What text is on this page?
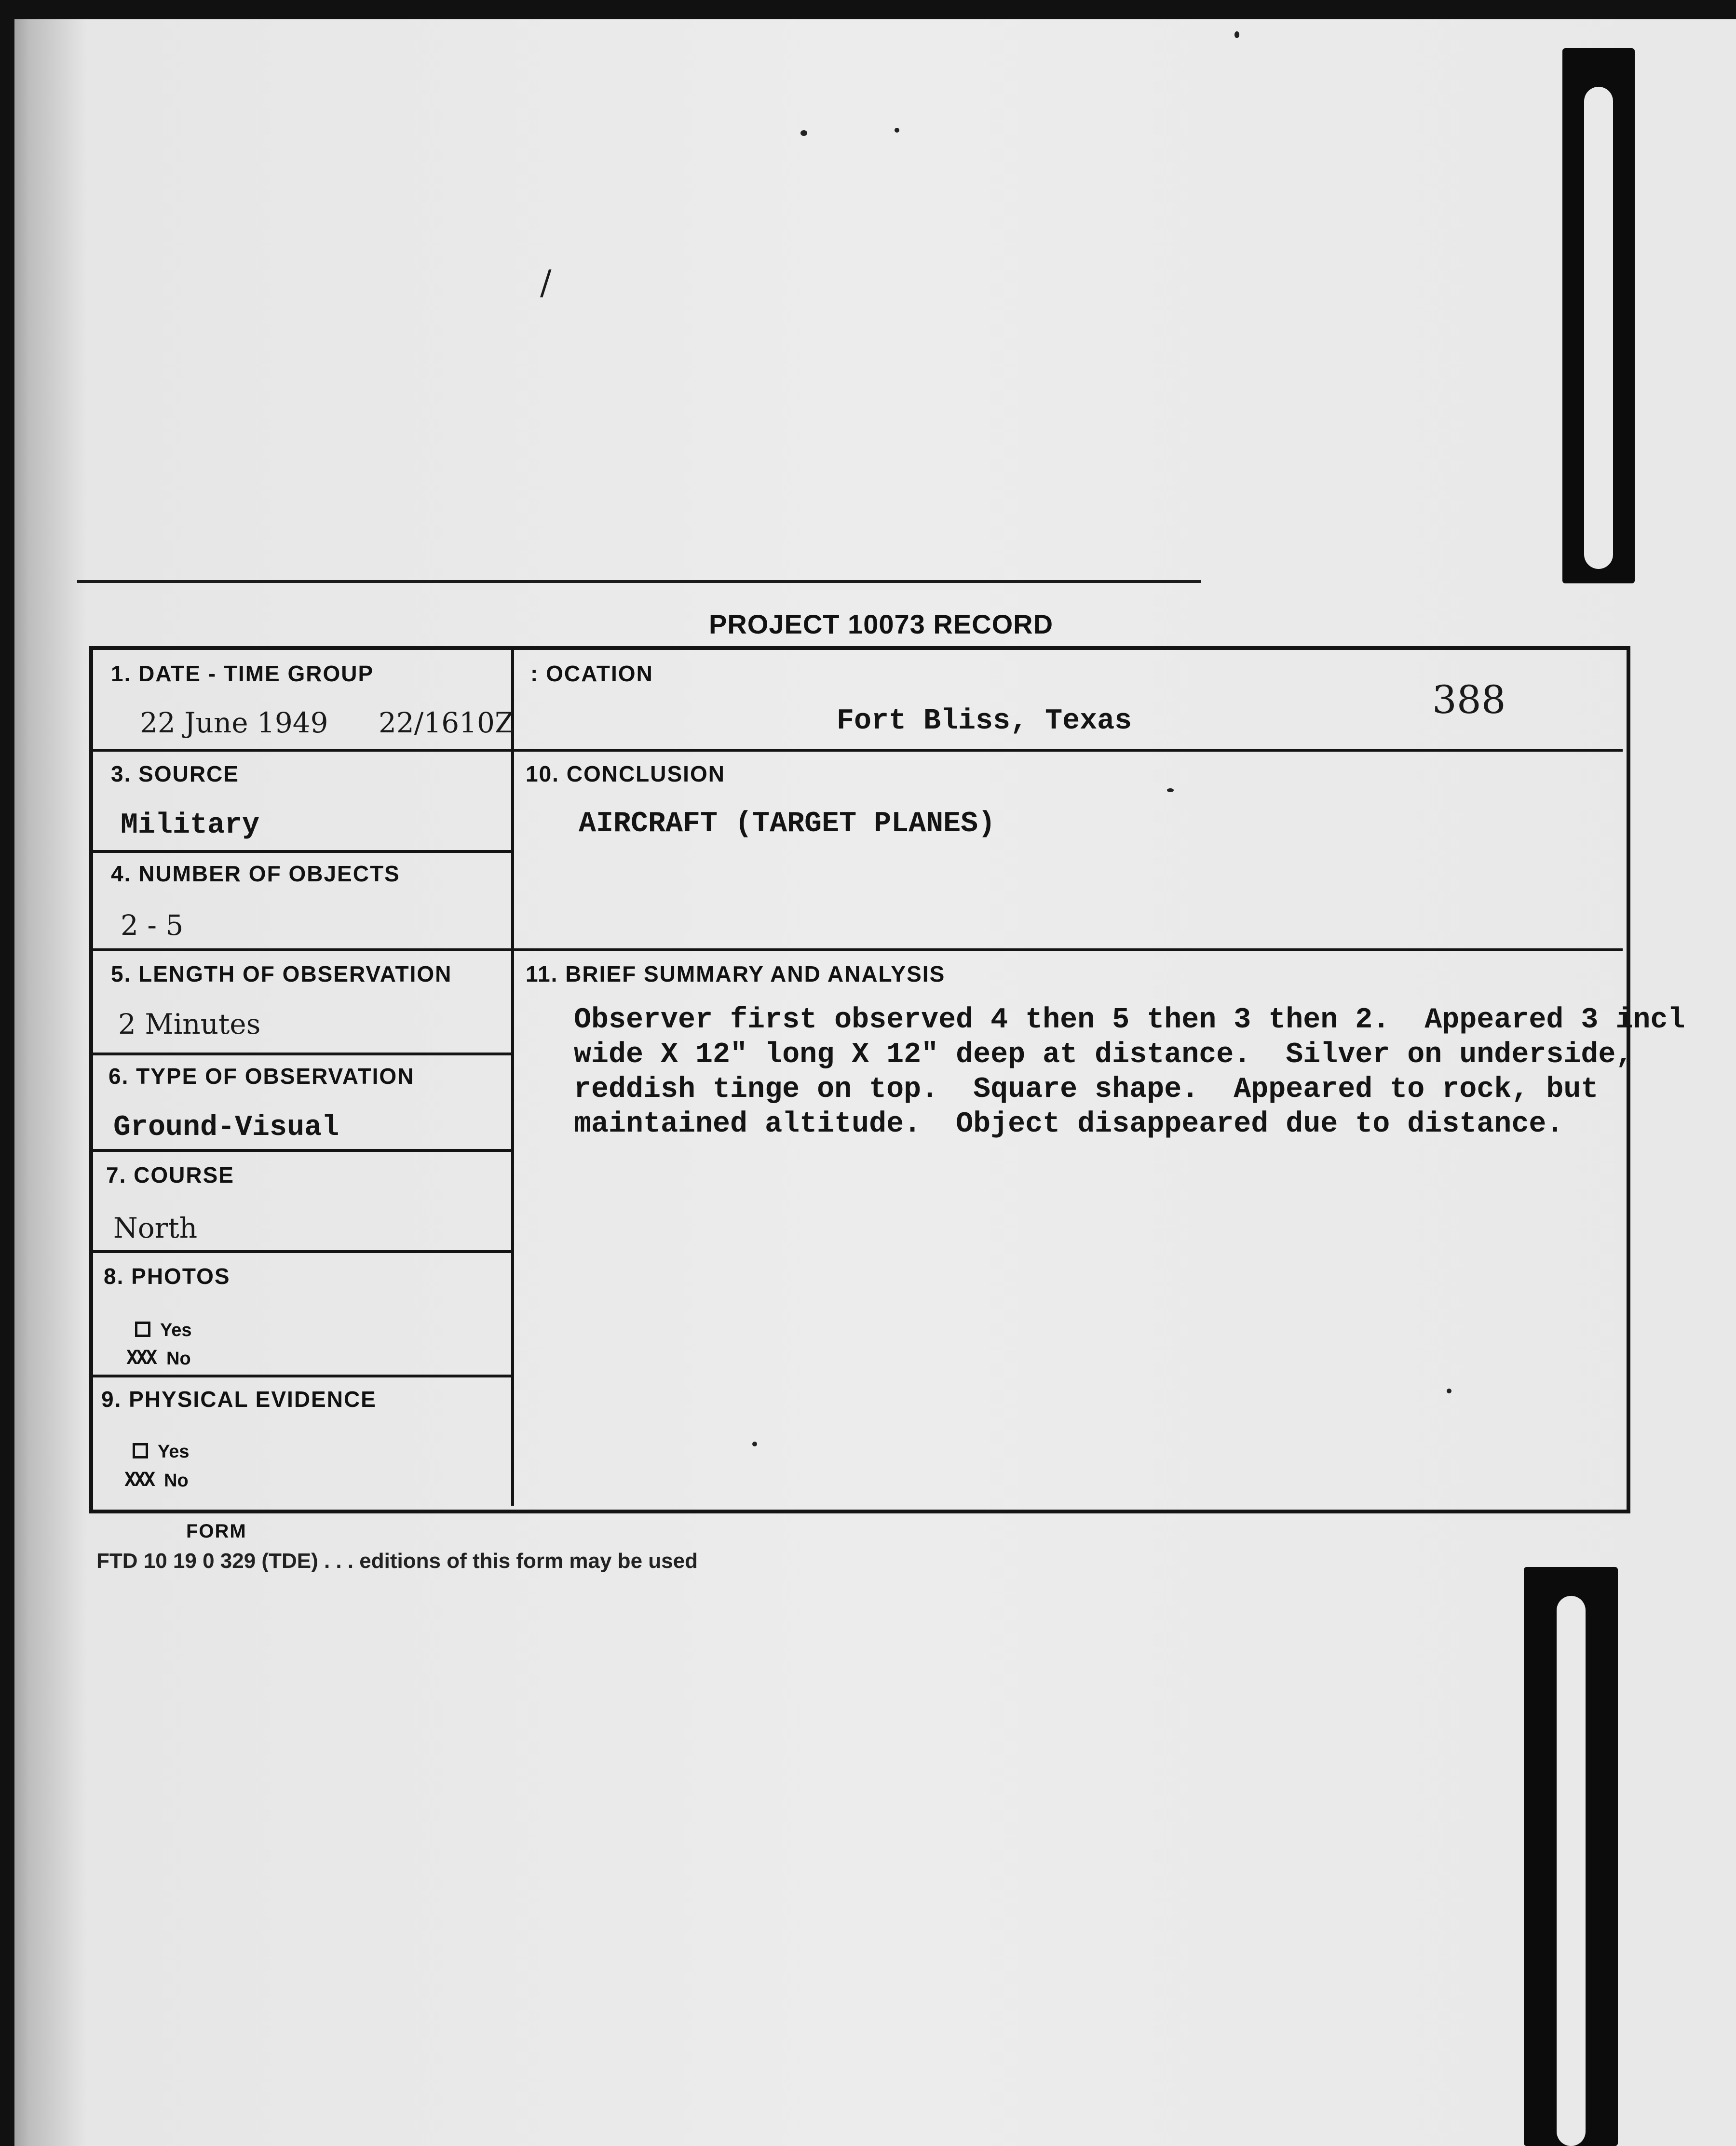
/
PROJECT 10073 RECORD
388
1. DATE - TIME GROUP
22 June 1949 22/1610Z
: OCATION
Fort Bliss, Texas
3. SOURCE
Military
10. CONCLUSION
AIRCRAFT (TARGET PLANES)
4. NUMBER OF OBJECTS
2 - 5
5. LENGTH OF OBSERVATION
2 Minutes
11. BRIEF SUMMARY AND ANALYSIS
Observer first observed 4 then 5 then 3 then 2.  Appeared 3 incl
wide X 12" long X 12" deep at distance.  Silver on underside,
reddish tinge on top.  Square shape.  Appeared to rock, but
maintained altitude.  Object disappeared due to distance.
6. TYPE OF OBSERVATION
Ground-Visual
7. COURSE
North
8. PHOTOS
Yes
XXX No
9. PHYSICAL EVIDENCE
Yes
XXX No
FORM
FTD 10 19 0 329 (TDE) . . . editions of this form may be used
